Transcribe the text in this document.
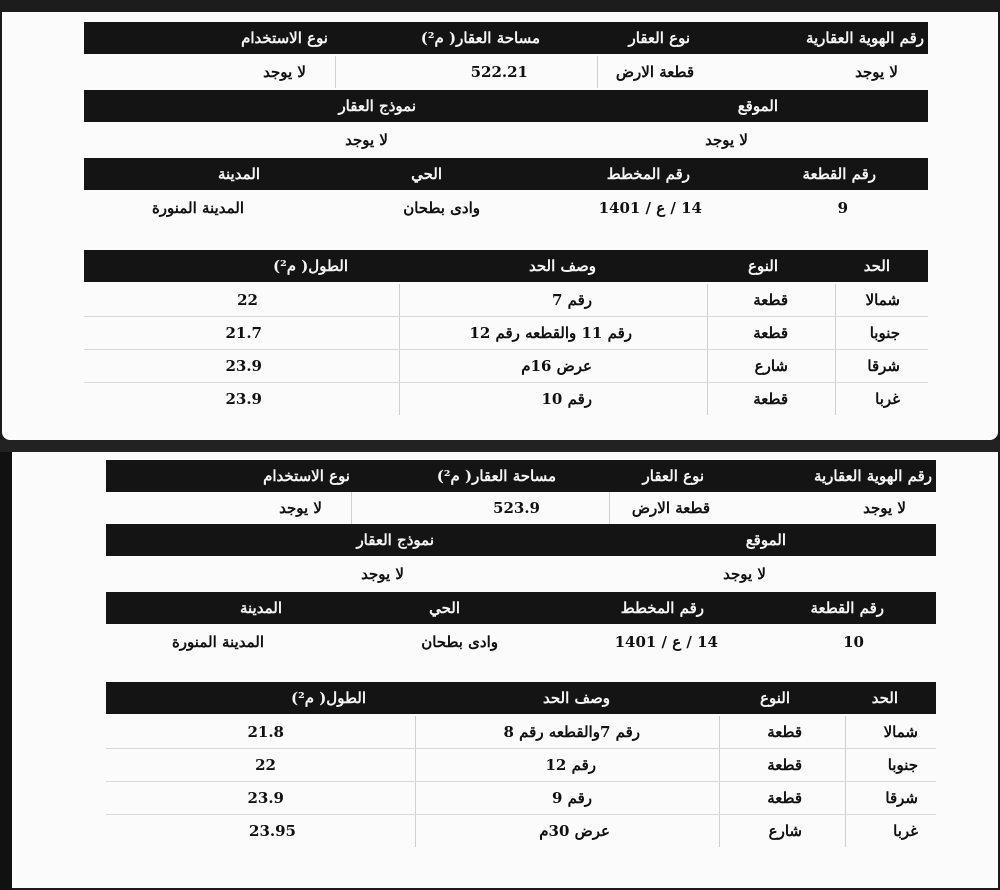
رقم الهوية العقارية
نوع العقار
مساحة العقار( م²)
نوع الاستخدام
لا يوجد
قطعة الارض
522.21
لا يوجد
الموقع
نموذج العقار
لا يوجد
لا يوجد
رقم القطعة
رقم المخطط
الحي
المدينة
9
14 / ع / 1401
وادى بطحان
المدينة المنورة
الحد
النوع
وصف الحد
الطول( م²)
شمالا
قطعة
رقم 7
22
جنوبا
قطعة
رقم 11 والقطعه رقم 12
21.7
شرقا
شارع
عرض 16م
23.9
غربا
قطعة
رقم 10
23.9
رقم الهوية العقارية
نوع العقار
مساحة العقار( م²)
نوع الاستخدام
لا يوجد
قطعة الارض
523.9
لا يوجد
الموقع
نموذج العقار
لا يوجد
لا يوجد
رقم القطعة
رقم المخطط
الحي
المدينة
10
14 / ع / 1401
وادى بطحان
المدينة المنورة
الحد
النوع
وصف الحد
الطول( م²)
شمالا
قطعة
رقم 7والقطعه رقم 8
21.8
جنوبا
قطعة
رقم 12
22
شرقا
قطعة
رقم 9
23.9
غربا
شارع
عرض 30م
23.95
